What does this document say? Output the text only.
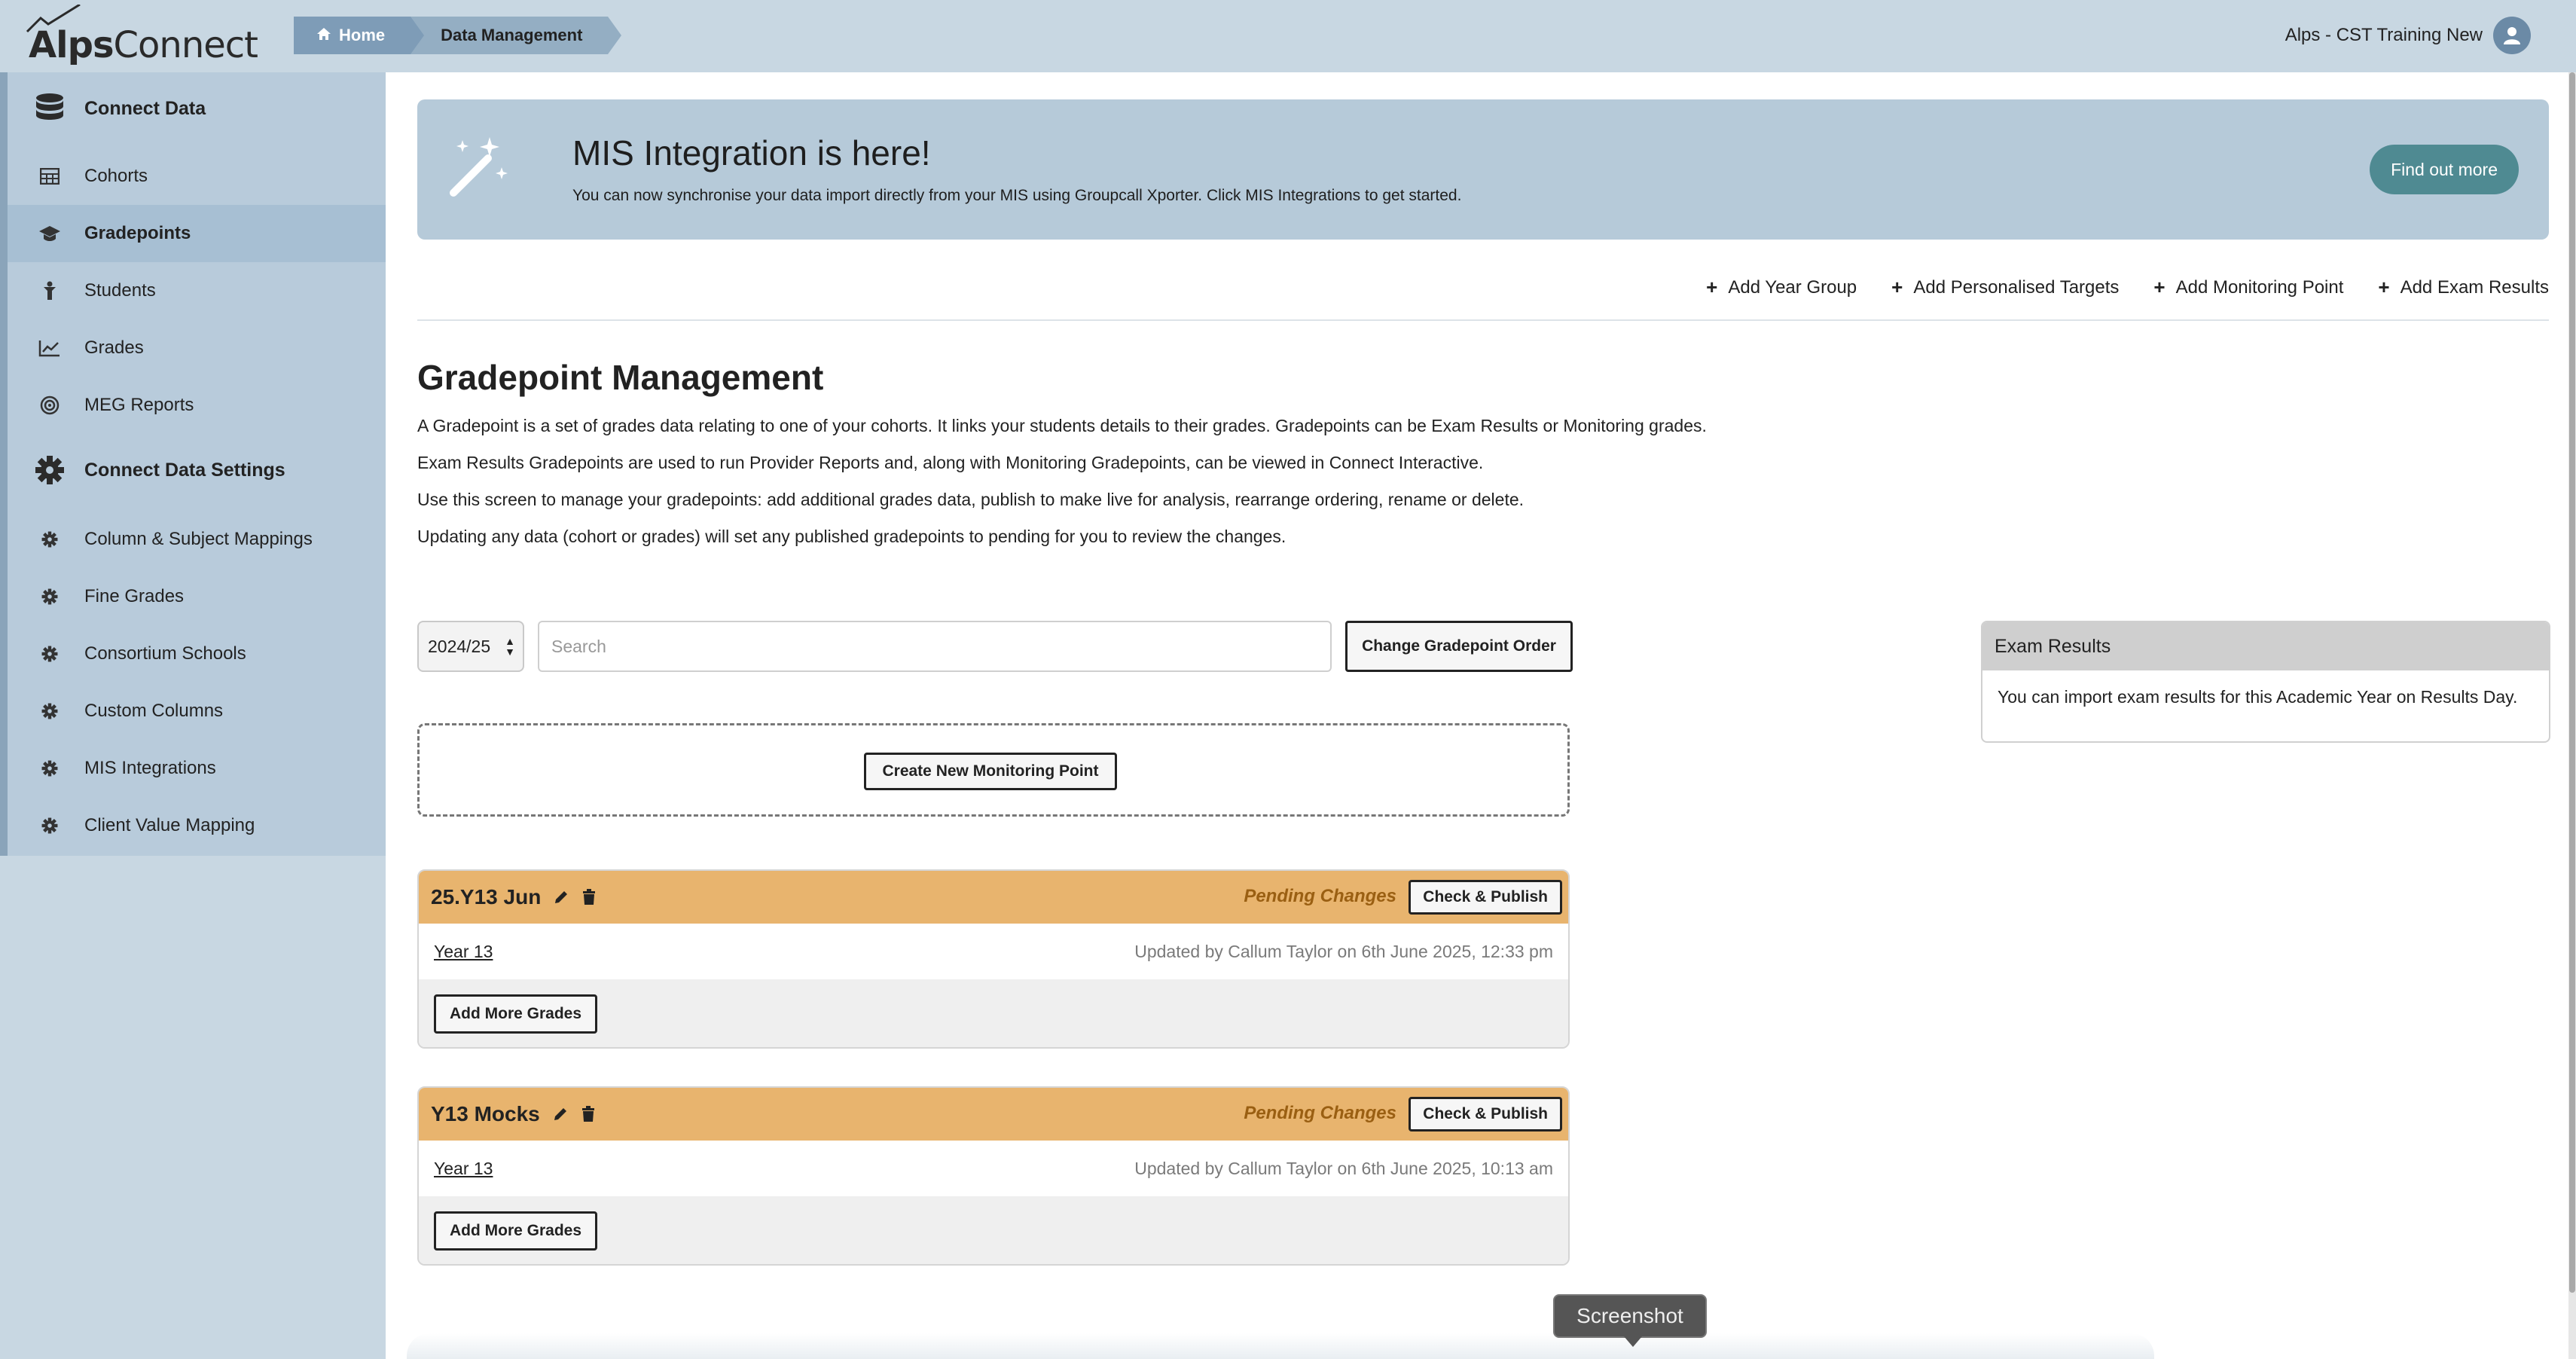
AlpsConnect	Home	Data Management	Alps - CST Training New
Connect Data
Cohorts
Gradepoints
Students
Grades
MEG Reports
Connect Data Settings
Column & Subject Mappings
Fine Grades
Consortium Schools
Custom Columns
MIS Integrations
Client Value Mapping
MIS Integration is here!
You can now synchronise your data import directly from your MIS using Groupcall Xporter. Click MIS Integrations to get started.
Find out more
+ Add Year Group + Add Personalised Targets + Add Monitoring Point + Add Exam Results
Gradepoint Management

A Gradepoint is a set of grades data relating to one of your cohorts. It links your students details to their grades. Gradepoints can be Exam Results or Monitoring grades.

Exam Results Gradepoints are used to run Provider Reports and, along with Monitoring Gradepoints, can be viewed in Connect Interactive.

Use this screen to manage your gradepoints: add additional grades data, publish to make live for analysis, rearrange ordering, rename or delete.

Updating any data (cohort or grades) will set any published gradepoints to pending for you to review the changes.

2024/25 ▲
▼ Search	Change Gradepoint Order
Create New Monitoring Point
25.Y13 Jun	Pending Changes	Check & Publish
Year 13	Updated by Callum Taylor on 6th June 2025, 12:33 pm
Add More Grades
Y13 Mocks	Pending Changes	Check & Publish
Year 13	Updated by Callum Taylor on 6th June 2025, 10:13 am
Add More Grades
Exam Results
You can import exam results for this Academic Year on Results Day.
Screenshot
